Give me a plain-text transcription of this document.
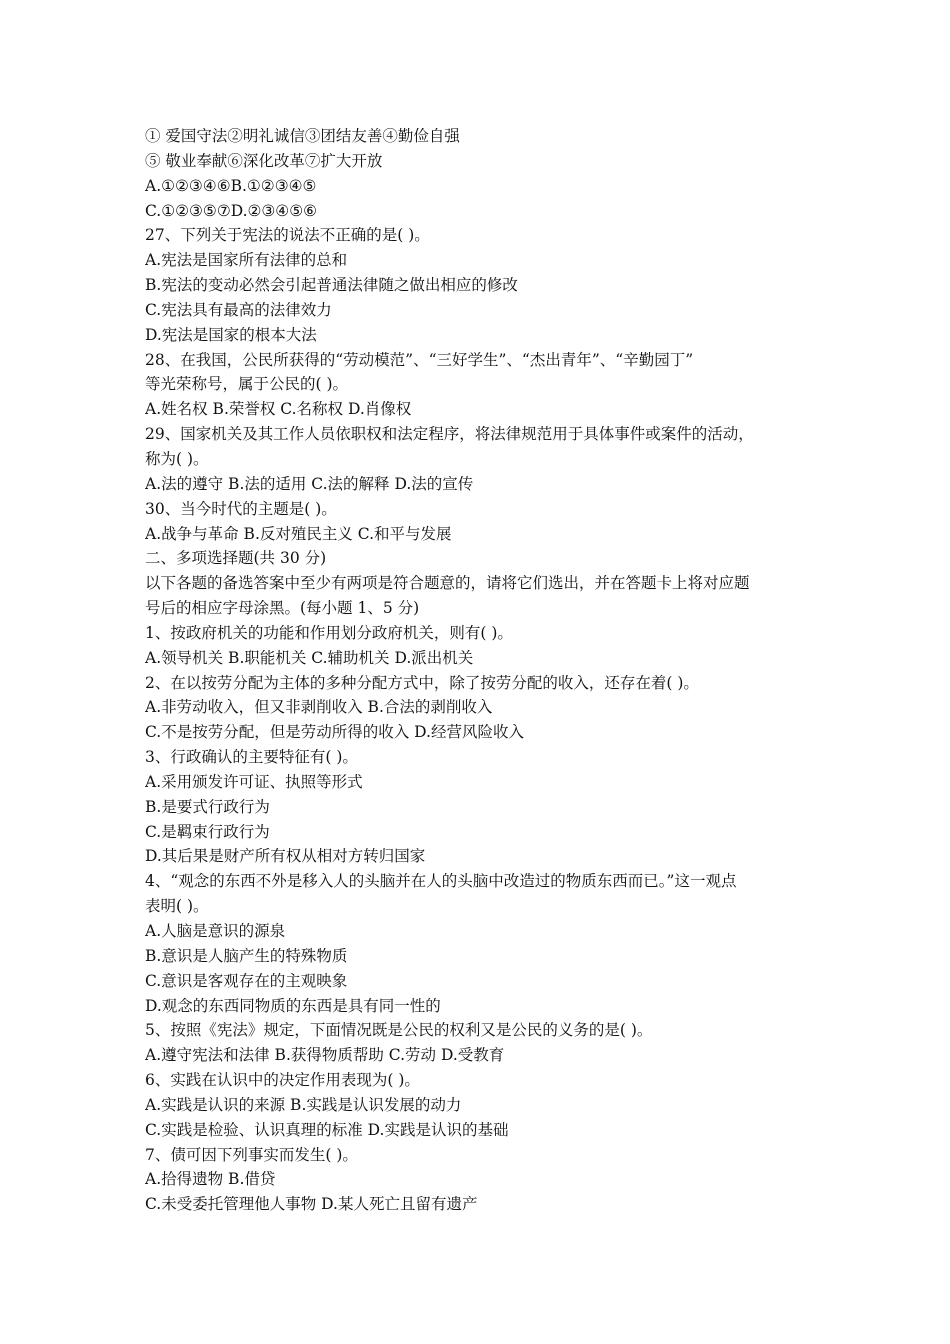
① 爱国守法②明礼诚信③团结友善④勤俭自强
⑤ 敬业奉献⑥深化改革⑦扩大开放
A.①②③④⑥B.①②③④⑤
C.①②③⑤⑦D.②③④⑤⑥
27、下列关于宪法的说法不正确的是( )。
A.宪法是国家所有法律的总和
B.宪法的变动必然会引起普通法律随之做出相应的修改
C.宪法具有最高的法律效力
D.宪法是国家的根本大法
28、在我国，公民所获得的“劳动模范”、“三好学生”、“杰出青年”、“辛勤园丁”
等光荣称号，属于公民的( )。
A.姓名权 B.荣誉权 C.名称权 D.肖像权
29、国家机关及其工作人员依职权和法定程序，将法律规范用于具体事件或案件的活动，
称为( )。
A.法的遵守 B.法的适用 C.法的解释 D.法的宣传
30、当今时代的主题是( )。
A.战争与革命 B.反对殖民主义 C.和平与发展
二、多项选择题(共 30 分)
以下各题的备选答案中至少有两项是符合题意的，请将它们选出，并在答题卡上将对应题
号后的相应字母涂黑。(每小题 1、5 分)
1、按政府机关的功能和作用划分政府机关，则有( )。
A.领导机关 B.职能机关 C.辅助机关 D.派出机关
2、在以按劳分配为主体的多种分配方式中，除了按劳分配的收入，还存在着( )。
A.非劳动收入，但又非剥削收入 B.合法的剥削收入
C.不是按劳分配，但是劳动所得的收入 D.经营风险收入
3、行政确认的主要特征有( )。
A.采用颁发许可证、执照等形式
B.是要式行政行为
C.是羁束行政行为
D.其后果是财产所有权从相对方转归国家
4、“观念的东西不外是移入人的头脑并在人的头脑中改造过的物质东西而已。”这一观点
表明( )。
A.人脑是意识的源泉
B.意识是人脑产生的特殊物质
C.意识是客观存在的主观映象
D.观念的东西同物质的东西是具有同一性的
5、按照《宪法》规定，下面情况既是公民的权利又是公民的义务的是( )。
A.遵守宪法和法律 B.获得物质帮助 C.劳动 D.受教育
6、实践在认识中的决定作用表现为( )。
A.实践是认识的来源 B.实践是认识发展的动力
C.实践是检验、认识真理的标准 D.实践是认识的基础
7、债可因下列事实而发生( )。
A.拾得遗物 B.借贷
C.未受委托管理他人事物 D.某人死亡且留有遗产
